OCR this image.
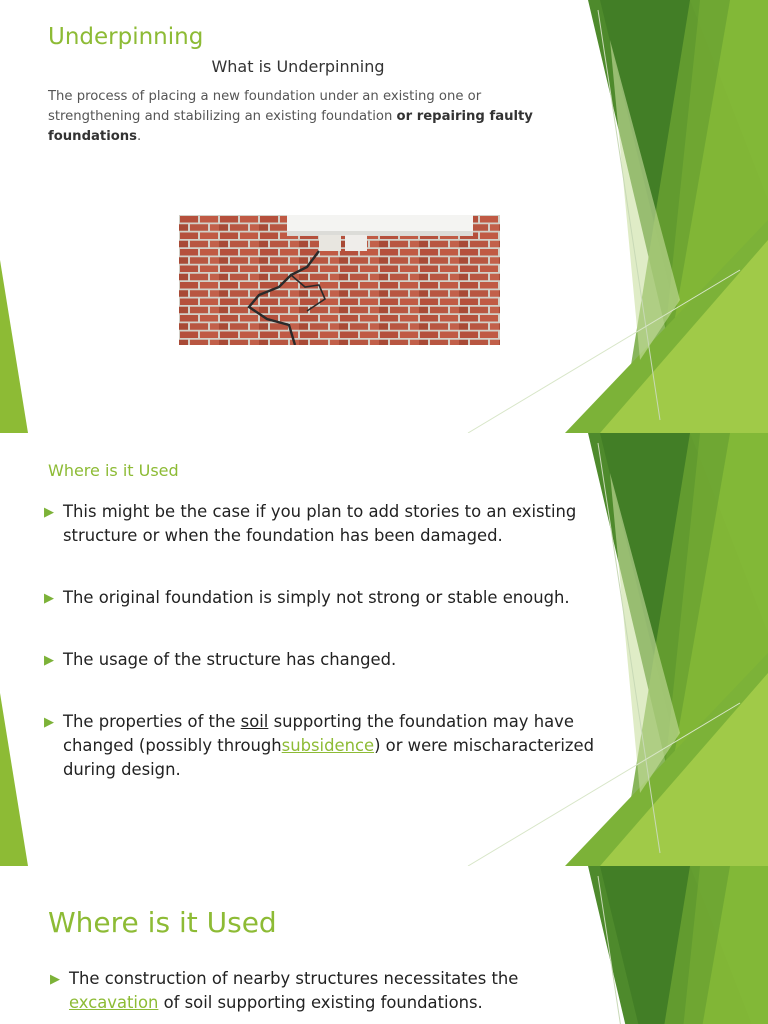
Underpinning
What is Underpinning

The process of placing a new foundation under an existing one or strengthening and stabilizing an existing foundation or repairing faulty foundations.

Where is it Used
▶ This might be the case if you plan to add stories to an existing structure or when the foundation has been damaged.
▶ The original foundation is simply not strong or stable enough.
▶ The usage of the structure has changed.
▶ The properties of the soil supporting the foundation may have changed (possibly throughsubsidence) or were mischaracterized during design.
Where is it Used
▶ The construction of nearby structures necessitates the excavation of soil supporting existing foundations.
